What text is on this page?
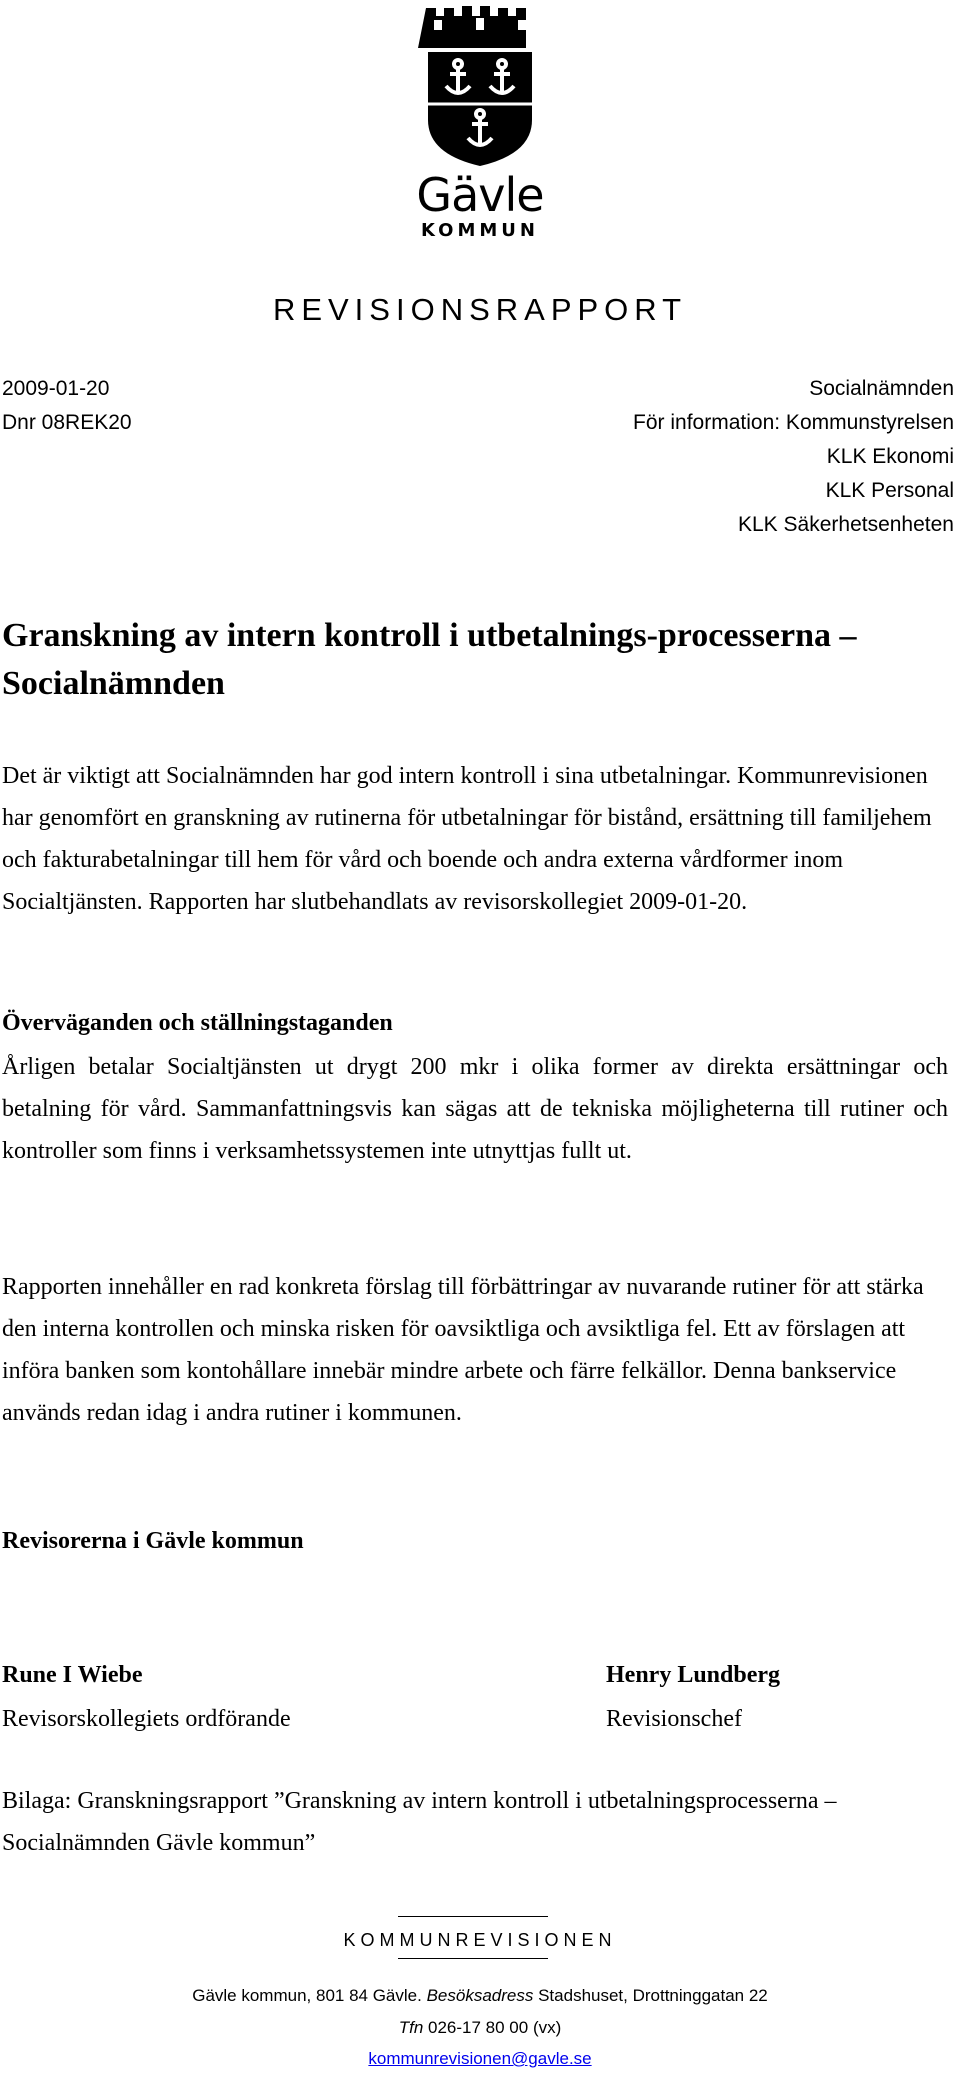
Gävle
KOMMUN
REVISIONSRAPPORT
2009-01-20
Dnr 08REK20
Socialnämnden
För information: Kommunstyrelsen
KLK Ekonomi
KLK Personal
KLK Säkerhetsenheten
Granskning av intern kontroll i utbetalnings-processerna – Socialnämnden
Det är viktigt att Socialnämnden har god intern kontroll i sina utbetalningar. Kommunrevisionen har genomfört en granskning av rutinerna för utbetalningar för bistånd, ersättning till familjehem och fakturabetalningar till hem för vård och boende och andra externa vårdformer inom Socialtjänsten. Rapporten har slutbehandlats av revisorskollegiet 2009-01-20.
Överväganden och ställningstaganden
Årligen betalar Socialtjänsten ut drygt 200 mkr i olika former av direkta ersättningar och betalning för vård. Sammanfattningsvis kan sägas att de tekniska möjligheterna till rutiner och kontroller som finns i verksamhetssystemen inte utnyttjas fullt ut.
Rapporten innehåller en rad konkreta förslag till förbättringar av nuvarande rutiner för att stärka den interna kontrollen och minska risken för oavsiktliga och avsiktliga fel. Ett av förslagen att införa banken som kontohållare innebär mindre arbete och färre felkällor. Denna bankservice används redan idag i andra rutiner i kommunen.
Revisorerna i Gävle kommun
Rune I Wiebe
Revisorskollegiets ordförande
Henry Lundberg
Revisionschef
Bilaga: Granskningsrapport ”Granskning av intern kontroll i utbetalningsprocesserna – Socialnämnden Gävle kommun”
KOMMUNREVISIONEN
Gävle kommun, 801 84 Gävle. Besöksadress Stadshuset, Drottninggatan 22
Tfn 026-17 80 00 (vx)
kommunrevisionen@gavle.se
